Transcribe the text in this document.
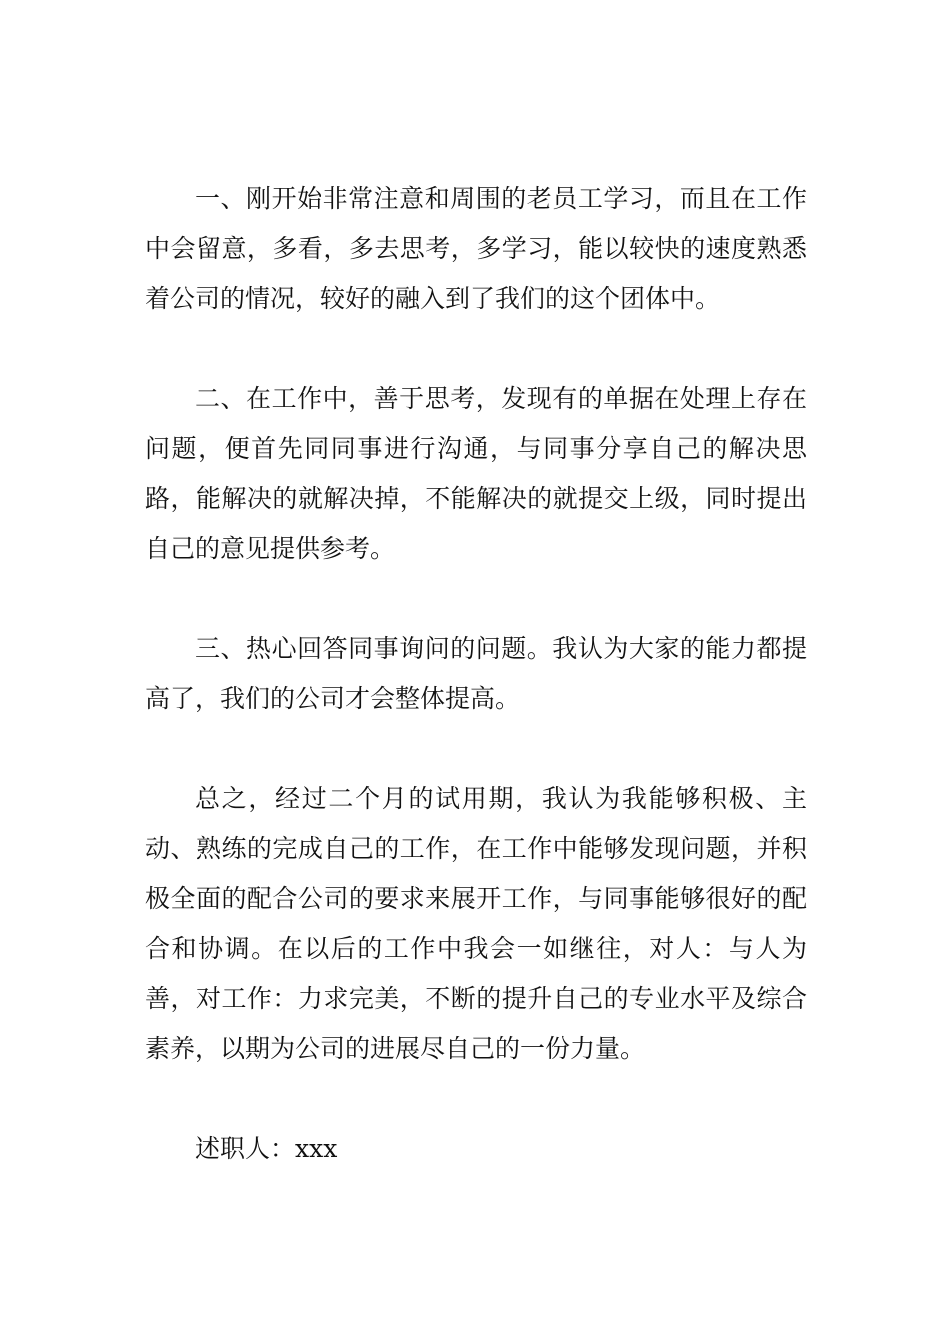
一、刚开始非常注意和周围的老员工学习，而且在工作中会留意，多看，多去思考，多学习，能以较快的速度熟悉着公司的情况，较好的融入到了我们的这个团体中。

二、在工作中，善于思考，发现有的单据在处理上存在问题，便首先同同事进行沟通，与同事分享自己的解决思路，能解决的就解决掉，不能解决的就提交上级，同时提出自己的意见提供参考。

三、热心回答同事询问的问题。我认为大家的能力都提高了，我们的公司才会整体提高。

总之，经过二个月的试用期，我认为我能够积极、主动、熟练的完成自己的工作，在工作中能够发现问题，并积极全面的配合公司的要求来展开工作，与同事能够很好的配合和协调。在以后的工作中我会一如继往，对人：与人为善，对工作：力求完美，不断的提升自己的专业水平及综合素养，以期为公司的进展尽自己的一份力量。

述职人：xxx
